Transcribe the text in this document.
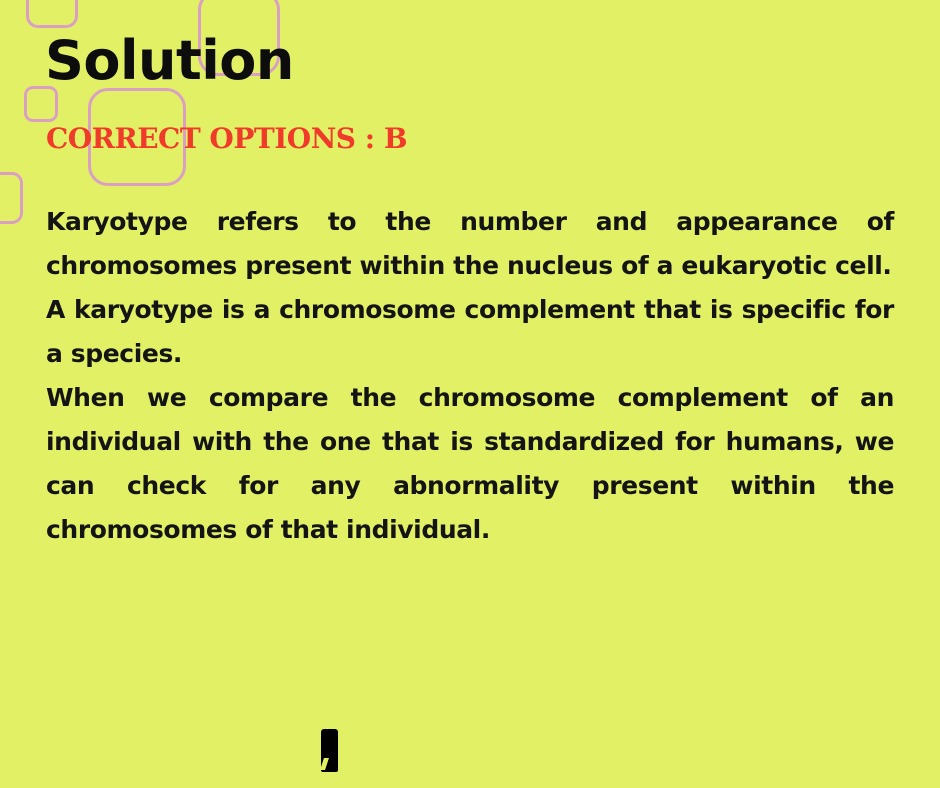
Solution
CORRECT OPTIONS : B

Karyotype refers to the number and appearance of chromosomes present within the nucleus of a eukaryotic cell.

A karyotype is a chromosome complement that is specific for a species.

When we compare the chromosome complement of an individual with the one that is standardized for humans, we can check for any abnormality present within the chromosomes of that individual.
